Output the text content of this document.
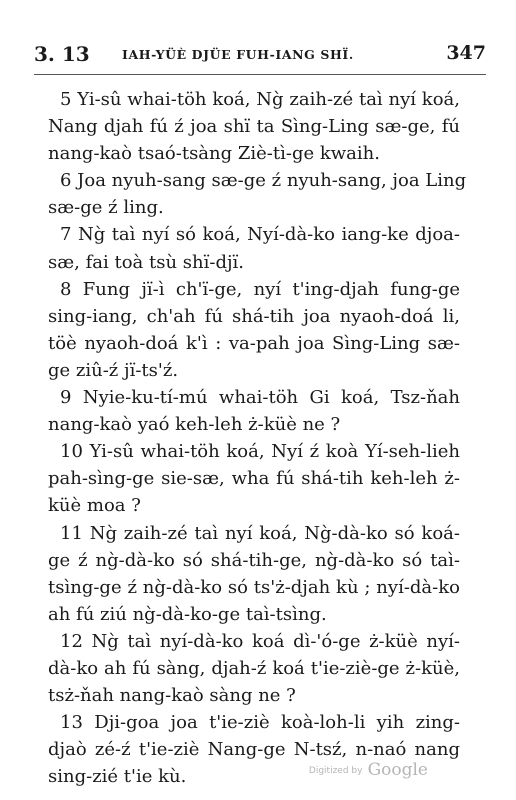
3. 13	IAH-YÜÈ DJÜE FUH-IANG SHÏ.	347
5 Yi-sû whai-töh koá, Ng̀ zaih-zé taì nyí koá,
Nang djah fú ź joa shï ta Sìng-Ling sæ-ge, fú
nang-kaò tsaó-tsàng Ziè-tì-ge kwaih.
6 Joa nyuh-sang sæ-ge ź nyuh-sang, joa Ling
sæ-ge ź ling.
7 Ng̀ taì nyí só koá, Nyí-dà-ko iang-ke djoa-
sæ, fai toà tsù shï-djï.
8 Fung jï-ì ch'ï-ge, nyí t'ing-djah fung-ge
sing-iang, ch'ah fú shá-tih joa nyaoh-doá li,
töè nyaoh-doá k'ì : va-pah joa Sìng-Ling sæ-
ge ziû-ź jï-ts'ź.
9 Nyie-ku-tí-mú whai-töh Gi koá, Tsz-ňah
nang-kaò yaó keh-leh ż-küè ne ?
10 Yi-sû whai-töh koá, Nyí ź koà Yí-seh-lieh
pah-sìng-ge sie-sæ, wha fú shá-tih keh-leh ż-
küè moa ?
11 Ng̀ zaih-zé taì nyí koá, Ng̀-dà-ko só koá-
ge ź ng̀-dà-ko só shá-tih-ge, ng̀-dà-ko só taì-
tsìng-ge ź ng̀-dà-ko só ts'ż-djah kù ; nyí-dà-ko
ah fú ziú ng̀-dà-ko-ge taì-tsìng.
12 Ng̀ taì nyí-dà-ko koá dì-'ó-ge ż-küè nyí-
dà-ko ah fú sàng, djah-ź koá t'ie-ziè-ge ż-küè,
tsż-ňah nang-kaò sàng ne ?
13 Dji-goa joa t'ie-ziè koà-loh-li yih zing-
djaò zé-ź t'ie-ziè Nang-ge N-tsź, n-naó nang
sing-zié t'ie kù.	Digitized by Google
